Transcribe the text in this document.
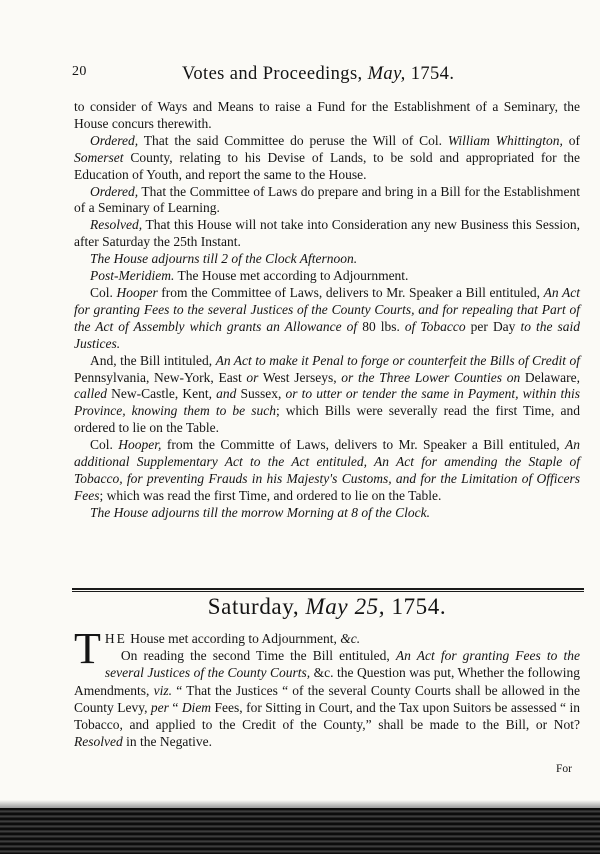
20	Votes and Proceedings, May, 1754.

to consider of Ways and Means to raise a Fund for the Establishment of a Seminary, the House concurs therewith.

Ordered, That the said Committee do peruse the Will of Col. William Whittington, of Somerset County, relating to his Devise of Lands, to be sold and appropriated for the Education of Youth, and report the same to the House.

Ordered, That the Committee of Laws do prepare and bring in a Bill for the Establishment of a Seminary of Learning.

Resolved, That this House will not take into Consideration any new Business this Session, after Saturday the 25th Instant.

The House adjourns till 2 of the Clock Afternoon.

Post-Meridiem. The House met according to Adjournment.

Col. Hooper from the Committee of Laws, delivers to Mr. Speaker a Bill entituled, An Act for granting Fees to the several Justices of the County Courts, and for repealing that Part of the Act of Assembly which grants an Allowance of 80 lbs. of Tobacco per Day to the said Justices.

And, the Bill intituled, An Act to make it Penal to forge or counterfeit the Bills of Credit of Pennsylvania, New-York, East or West Jerseys, or the Three Lower Counties on Delaware, called New-Castle, Kent, and Sussex, or to utter or tender the same in Payment, within this Province, knowing them to be such; which Bills were severally read the first Time, and ordered to lie on the Table.

Col. Hooper, from the Committe of Laws, delivers to Mr. Speaker a Bill entituled, An additional Supplementary Act to the Act entituled, An Act for amending the Staple of Tobacco, for preventing Frauds in his Majesty's Customs, and for the Limitation of Officers Fees; which was read the first Time, and ordered to lie on the Table.

The House adjourns till the morrow Morning at 8 of the Clock.

Saturday, May 25, 1754.

THE House met according to Adjournment, &c.

On reading the second Time the Bill entituled, An Act for granting Fees to the several Justices of the County Courts, &c. the Question was put, Whether the following Amendments, viz. “ That the Justices “ of the several County Courts shall be allowed in the County Levy, per “ Diem Fees, for Sitting in Court, and the Tax upon Suitors be assessed “ in Tobacco, and applied to the Credit of the County,” shall be made to the Bill, or Not? Resolved in the Negative.

For
